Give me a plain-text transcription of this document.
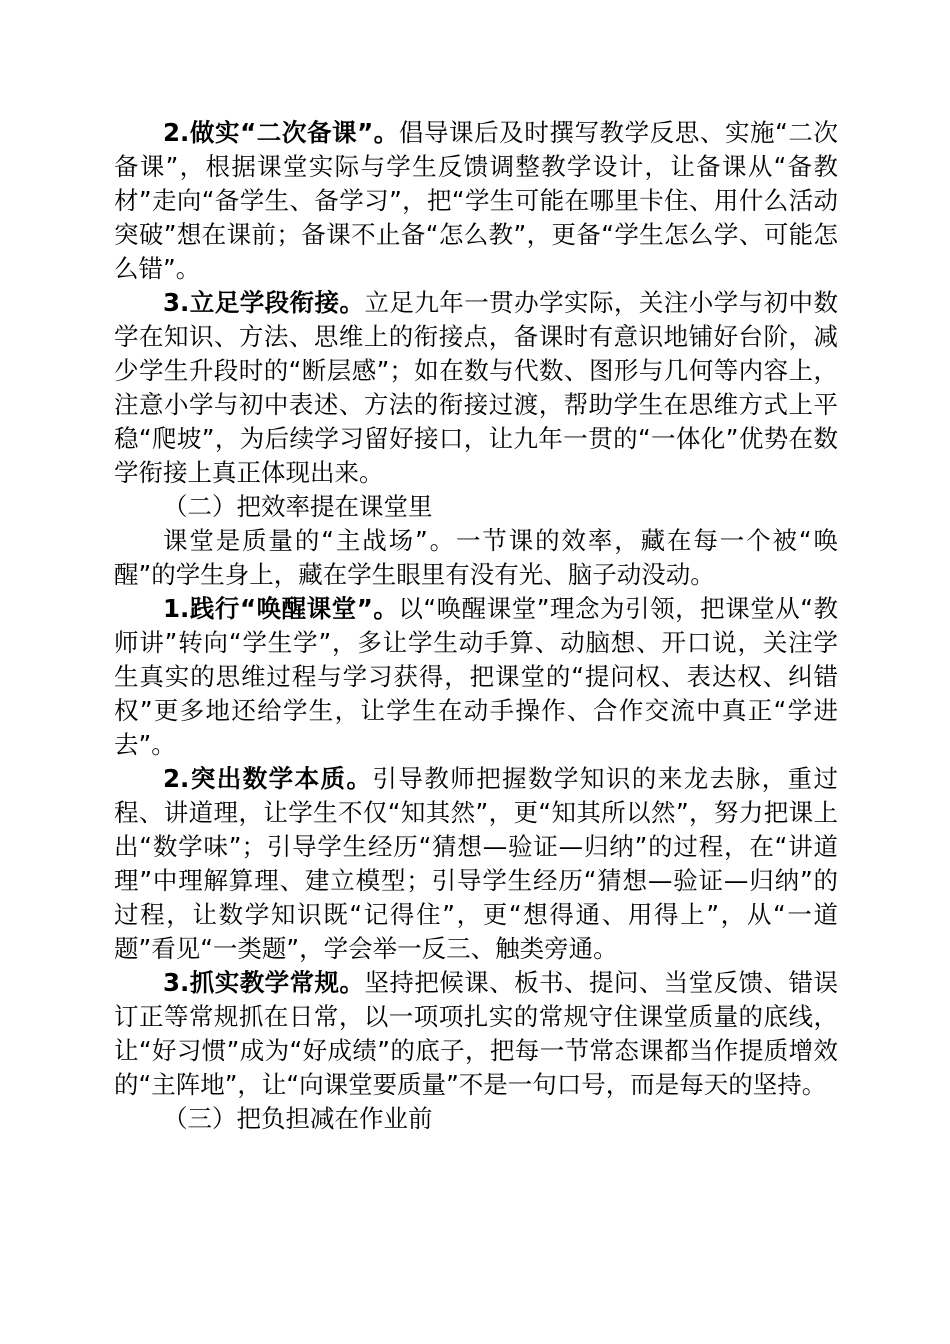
2.做实“二次备课”。倡导课后及时撰写教学反思、实施“二次备课”，根据课堂实际与学生反馈调整教学设计，让备课从“备教材”走向“备学生、备学习”，把“学生可能在哪里卡住、用什么活动突破”想在课前；备课不止备“怎么教”，更备“学生怎么学、可能怎么错”。

3.立足学段衔接。立足九年一贯办学实际，关注小学与初中数学在知识、方法、思维上的衔接点，备课时有意识地铺好台阶，减少学生升段时的“断层感”；如在数与代数、图形与几何等内容上，注意小学与初中表述、方法的衔接过渡，帮助学生在思维方式上平稳“爬坡”，为后续学习留好接口，让九年一贯的“一体化”优势在数学衔接上真正体现出来。

（二）把效率提在课堂里

课堂是质量的“主战场”。一节课的效率，藏在每一个被“唤醒”的学生身上，藏在学生眼里有没有光、脑子动没动。

1.践行“唤醒课堂”。以“唤醒课堂”理念为引领，把课堂从“教师讲”转向“学生学”，多让学生动手算、动脑想、开口说，关注学生真实的思维过程与学习获得，把课堂的“提问权、表达权、纠错权”更多地还给学生，让学生在动手操作、合作交流中真正“学进去”。

2.突出数学本质。引导教师把握数学知识的来龙去脉，重过程、讲道理，让学生不仅“知其然”，更“知其所以然”，努力把课上出“数学味”；引导学生经历“猜想—验证—归纳”的过程，在“讲道理”中理解算理、建立模型；引导学生经历“猜想—验证—归纳”的过程，让数学知识既“记得住”，更“想得通、用得上”，从“一道题”看见“一类题”，学会举一反三、触类旁通。

3.抓实教学常规。坚持把候课、板书、提问、当堂反馈、错误订正等常规抓在日常，以一项项扎实的常规守住课堂质量的底线，让“好习惯”成为“好成绩”的底子，把每一节常态课都当作提质增效的“主阵地”，让“向课堂要质量”不是一句口号，而是每天的坚持。

（三）把负担减在作业前
